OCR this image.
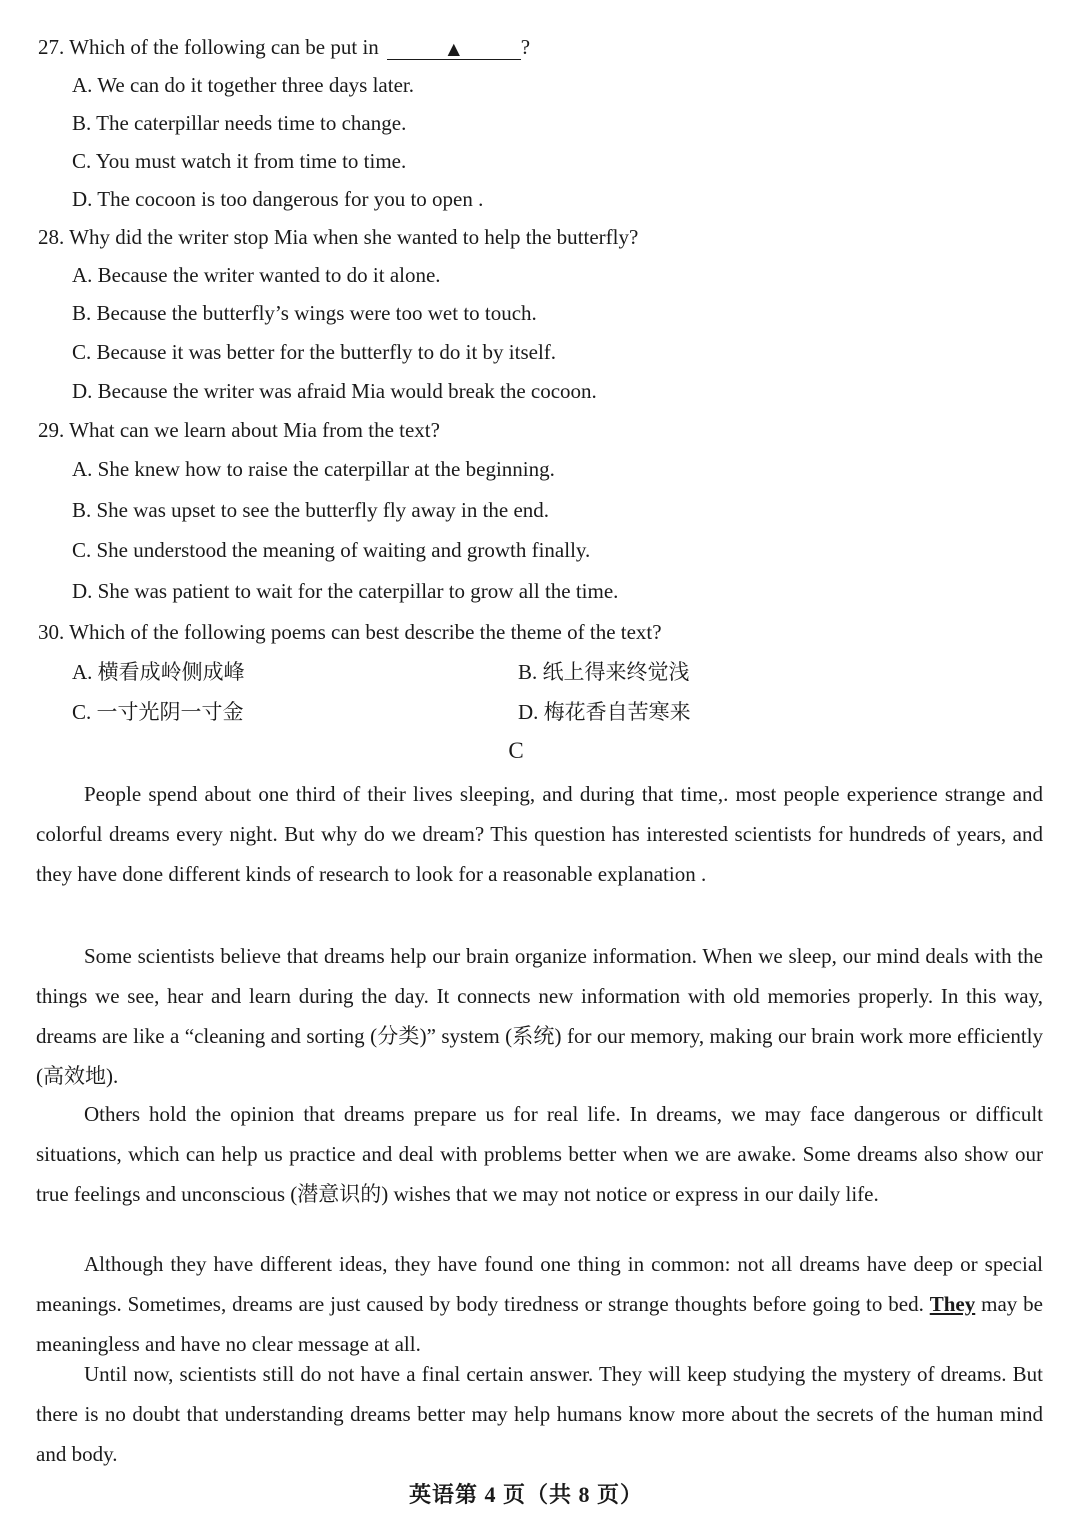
27. Which of the following can be put in	▲	?
A. We can do it together three days later.
B. The caterpillar needs time to change.
C. You must watch it from time to time.
D. The cocoon is too dangerous for you to open .
28. Why did the writer stop Mia when she wanted to help the butterfly?
A. Because the writer wanted to do it alone.
B. Because the butterfly’s wings were too wet to touch.
C. Because it was better for the butterfly to do it by itself.
D. Because the writer was afraid Mia would break the cocoon.
29. What can we learn about Mia from the text?
A. She knew how to raise the caterpillar at the beginning.
B. She was upset to see the butterfly fly away in the end.
C. She understood the meaning of waiting and growth finally.
D. She was patient to wait for the caterpillar to grow all the time.
30. Which of the following poems can best describe the theme of the text?
A. 横看成岭侧成峰	B. 纸上得来终觉浅
C. 一寸光阴一寸金	D. 梅花香自苦寒来
C
People spend about one third of their lives sleeping, and during that time,. most people experience strange and colorful dreams every night. But why do we dream? This question has interested scientists for hundreds of years, and they have done different kinds of research to look for a reasonable explanation .
Some scientists believe that dreams help our brain organize information. When we sleep, our mind deals with the things we see, hear and learn during the day. It connects new information with old memories properly. In this way, dreams are like a “cleaning and sorting (分类)” system (系统) for our memory, making our brain work more efficiently (高效地).
Others hold the opinion that dreams prepare us for real life. In dreams, we may face dangerous or difficult situations, which can help us practice and deal with problems better when we are awake. Some dreams also show our true feelings and unconscious (潜意识的) wishes that we may not notice or express in our daily life.
Although they have different ideas, they have found one thing in common: not all dreams have deep or special meanings. Sometimes, dreams are just caused by body tiredness or strange thoughts before going to bed. They may be meaningless and have no clear message at all.
Until now, scientists still do not have a final certain answer. They will keep studying the mystery of dreams. But there is no doubt that understanding dreams better may help humans know more about the secrets of the human mind and body.
英语第 4 页（共 8 页）
